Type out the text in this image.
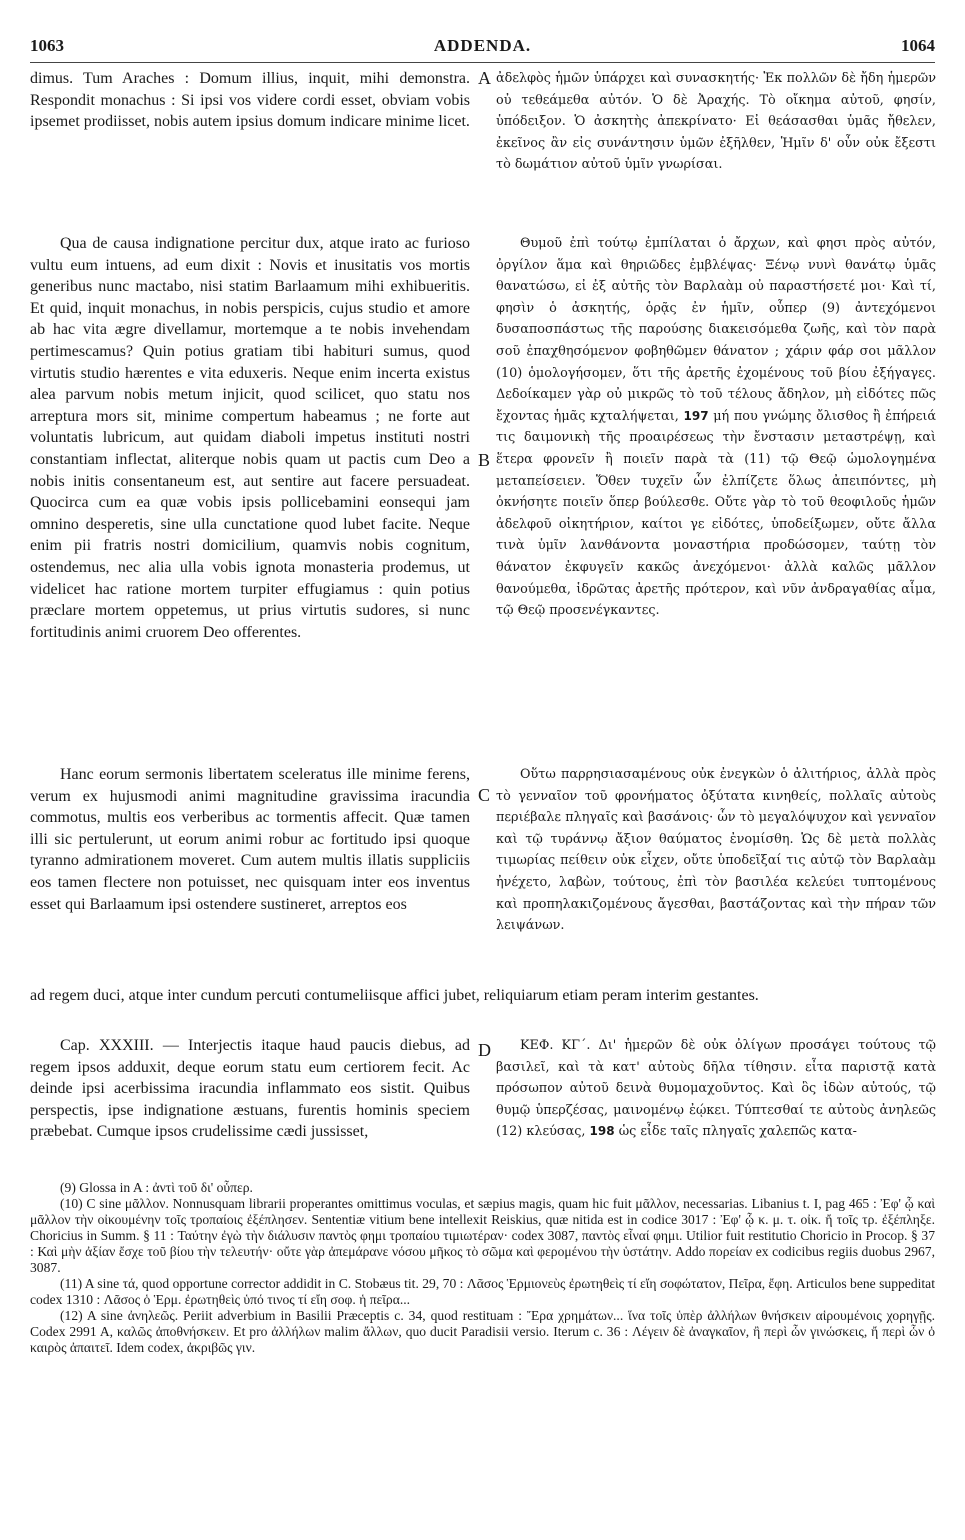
1063	ADDENDA.	1064

dimus. Tum Araches : Domum illius, inquit, mihi demonstra. Respondit monachus : Si ipsi vos videre cordi esset, obviam vobis ipsemet prodiisset, nobis autem ipsius domum indicare minime licet.

Qua de causa indignatione percitur dux, atque irato ac furioso vultu eum intuens, ad eum dixit : Novis et inusitatis vos mortis generibus nunc mactabo, nisi statim Barlaamum mihi exhibueritis. Et quid, inquit monachus, in nobis perspicis, cujus studio et amore ab hac vita ægre divellamur, mortemque a te nobis invehendam pertimescamus? Quin potius gratiam tibi habituri sumus, quod virtutis studio hærentes e vita eduxeris. Neque enim incerta existus alea parvum nobis metum injicit, quod scilicet, quo statu nos arreptura mors sit, minime compertum habeamus ; ne forte aut voluntatis lubricum, aut quidam diaboli impetus instituti nostri constantiam inflectat, aliterque nobis quam ut pactis cum Deo a nobis initis consentaneum est, aut sentire aut facere persuadeat. Quocirca cum ea quæ vobis ipsis pollicebamini eonsequi jam omnino desperetis, sine ulla cunctatione quod lubet facite. Neque enim pii fratris nostri domicilium, quamvis nobis cognitum, ostendemus, nec alia ulla vobis ignota monasteria prodemus, ut videlicet hac ratione mortem turpiter effugiamus : quin potius præclare mortem oppetemus, ut prius virtutis sudores, si nunc fortitudinis animi cruorem Deo offerentes.

Hanc eorum sermonis libertatem sceleratus ille minime ferens, verum ex hujusmodi animi magnitudine gravissima iracundia commotus, multis eos verberibus ac tormentis affecit. Quæ tamen illi sic pertulerunt, ut eorum animi robur ac fortitudo ipsi quoque tyranno admirationem moveret. Cum autem multis illatis suppliciis eos tamen flectere non potuisset, nec quisquam inter eos inventus esset qui Barlaamum ipsi ostendere sustineret, arreptos eos

ad regem duci, atque inter cundum percuti contumeliisque affici jubet, reliquiarum etiam peram interim gestantes.

Cap. XXXIII. — Interjectis itaque haud paucis diebus, ad regem ipsos adduxit, deque eorum statu eum certiorem fecit. Ac deinde ipsi acerbissima iracundia inflammato eos sistit. Quibus perspectis, ipse indignatione æstuans, furentis hominis speciem præbebat. Cumque ipsos crudelissime cædi jussisset,

A
B
C
D

ἀδελφὸς ἡμῶν ὑπάρχει καὶ συνασκητής· Ἐκ πολλῶν δὲ ἤδη ἡμερῶν οὐ τεθεάμεθα αὐτόν. Ὁ δὲ Ἀραχής. Τὸ οἴκημα αὐτοῦ, φησίν, ὑπόδειξον. Ὁ ἀσκητὴς ἀπεκρίνατο· Εἰ θεάσασθαι ὑμᾶς ἤθελεν, ἐκεῖνος ἂν εἰς συνάντησιν ὑμῶν ἐξῆλθεν, Ἡμῖν δ' οὖν οὐκ ἔξεστι τὸ δωμάτιον αὐτοῦ ὑμῖν γνωρίσαι.

Θυμοῦ ἐπὶ τούτῳ ἐμπίλαται ὁ ἄρχων, καὶ φησι πρὸς αὐτόν, ὀργίλον ἅμα καὶ θηριῶδες ἐμβλέψας· Ξένῳ νυνὶ θανάτῳ ὑμᾶς θανατώσω, εἰ ἐξ αὐτῆς τὸν Βαρλαὰμ οὐ παραστήσετέ μοι· Καὶ τί, φησὶν ὁ ἀσκητής, ὁρᾷς ἐν ἡμῖν, οὗπερ (9) ἀντεχόμενοι δυσαποσπάστως τῆς παρούσης διακεισόμεθα ζωῆς, καὶ τὸν παρὰ σοῦ ἐπαχθησόμενον φοβηθῶμεν θάνατον ; χάριν φάρ σοι μᾶλλον (10) ὁμολογήσομεν, ὅτι τῆς ἀρετῆς ἐχομένους τοῦ βίου ἐξήγαγες. Δεδοίκαμεν γὰρ οὐ μικρῶς τὸ τοῦ τέλους ἄδηλον, μὴ εἰδότες πῶς ἔχοντας ἡμᾶς κχταλήψεται, 197 μή που γνώμης ὄλισθος ἢ ἐπήρειά τις δαιμονικὴ τῆς προαιρέσεως τὴν ἔνστασιν μεταστρέψῃ, καὶ ἕτερα φρονεῖν ἢ ποιεῖν παρὰ τὰ (11) τῷ Θεῷ ὡμολογημένα μεταπείσειεν. Ὅθεν τυχεῖν ὧν ἐλπίζετε ὅλως ἀπειπόντες, μὴ ὀκνήσητε ποιεῖν ὅπερ βούλεσθε. Οὔτε γὰρ τὸ τοῦ θεοφιλοῦς ἡμῶν ἀδελφοῦ οἰκητήριον, καίτοι γε εἰδότες, ὑποδείξωμεν, οὔτε ἄλλα τινὰ ὑμῖν λανθάνοντα μοναστήρια προδώσομεν, ταύτῃ τὸν θάνατον ἐκφυγεῖν κακῶς ἀνεχόμενοι· ἀλλὰ καλῶς μᾶλλον θανούμεθα, ἱδρῶτας ἀρετῆς πρότερον, καὶ νῦν ἀνδραγαθίας αἷμα, τῷ Θεῷ προσενέγκαντες.

Οὕτω παρρησιασαμένους οὐκ ἐνεγκὼν ὁ ἀλιτήριος, ἀλλὰ πρὸς τὸ γενναῖον τοῦ φρονήματος ὀξύτατα κινηθείς, πολλαῖς αὐτοὺς περιέβαλε πληγαῖς καὶ βασάνοις· ὧν τὸ μεγαλόψυχον καὶ γενναῖον καὶ τῷ τυράννῳ ἄξιον θαύματος ἐνομίσθη. Ὡς δὲ μετὰ πολλὰς τιμωρίας πείθειν οὐκ εἶχεν, οὔτε ὑποδεῖξαί τις αὐτῷ τὸν Βαρλαὰμ ἠνέχετο, λαβὼν, τούτους, ἐπὶ τὸν βασιλέα κελεύει τυπτομένους καὶ προπηλακιζομένους ἄγεσθαι, βαστάζοντας καὶ τὴν πήραν τῶν λειψάνων.

ΚΕΦ. ΚΓ΄. Δι' ἡμερῶν δὲ οὐκ ὀλίγων προσάγει τούτους τῷ βασιλεῖ, καὶ τὰ κατ' αὐτοὺς δῆλα τίθησιν. εἶτα παριστᾷ κατὰ πρόσωπον αὐτοῦ δεινὰ θυμομαχοῦντος. Καὶ ὃς ἰδὼν αὐτούς, τῷ θυμῷ ὑπερζέσας, μαινομένῳ ἐῴκει. Τύπτεσθαί τε αὐτοὺς ἀνηλεῶς (12) κλεύσας, 198 ὡς εἶδε ταῖς πληγαῖς χαλεπῶς κατα-

(9) Glossa in A : ἀντὶ τοῦ δι' οὗπερ.

(10) C sine μᾶλλον. Nonnusquam librarii properantes omittimus voculas, et sæpius magis, quam hic fuit μᾶλλον, necessarias. Libanius t. I, pag 465 : Ἐφ' ᾧ καὶ μᾶλλον τὴν οἰκουμένην τοῖς τροπαίοις ἐξέπλησεν. Sententiæ vitium bene intellexit Reiskius, quæ nitida est in codice 3017 : Ἐφ' ᾧ κ. μ. τ. οἰκ. ἤ τοῖς τρ. ἐξέπληξε. Choricius in Summ. § 11 : Ταύτην ἐγὼ τὴν διάλυσιν παντὸς φημι τροπαίου τιμιωτέραν· codex 3087, παντὸς εἶναί φημι. Utilior fuit restitutio Choricio in Procop. § 37 : Καὶ μὴν ἀξίαν ἔσχε τοῦ βίου τὴν τελευτήν· οὔτε γὰρ ἀπεμάρανε νόσου μῆκος τὸ σῶμα καὶ φερομένου τὴν ὑστάτην. Addo πορείαν ex codicibus regiis duobus 2967, 3087.

(11) A sine τά, quod opportune corrector addidit in C. Stobæus tit. 29, 70 : Λᾶσος Ἑρμιονεὺς ἐρωτηθεὶς τί εἴη σοφώτατον, Πεῖρα, ἔφη. Articulos bene suppeditat codex 1310 : Λᾶσος ὁ Ἑρμ. ἐρωτηθεὶς ὑπό τινος τί εἴη σοφ. ἡ πεῖρα...

(12) A sine ἀνηλεῶς. Periit adverbium in Basilii Præceptis c. 34, quod restituam : Ἔρα χρημάτων... ἵνα τοῖς ὑπὲρ ἀλλήλων θνήσκειν αἱρουμένοις χορηγῇς. Codex 2991 A, καλῶς ἀποθνήσκειν. Et pro ἀλλήλων malim ἄλλων, quo ducit Paradisii versio. Iterum c. 36 : Λέγειν δὲ ἀναγκαῖον, ἢ περὶ ὧν γινώσκεις, ἤ περὶ ὧν ὁ καιρὸς ἀπαιτεῖ. Idem codex, ἀκριβῶς γιν.
